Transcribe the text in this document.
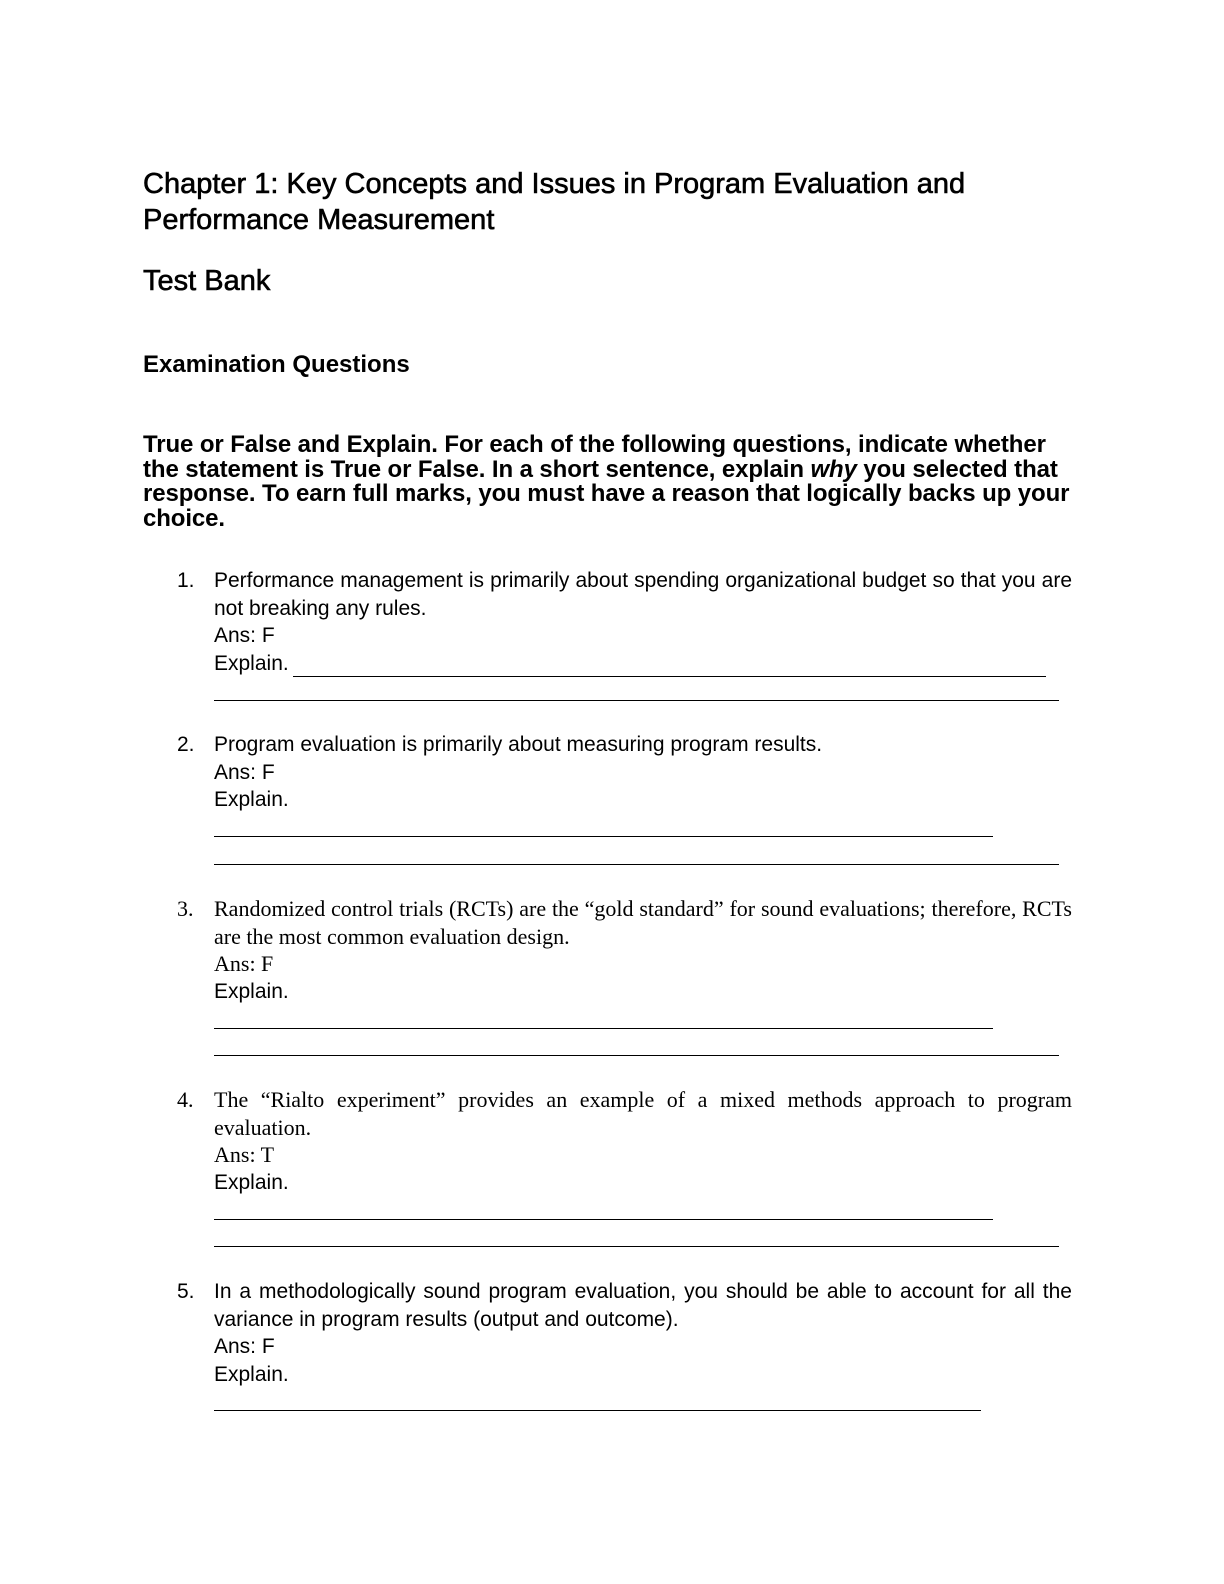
Chapter 1: Key Concepts and Issues in Program Evaluation and Performance Measurement
Test Bank
Examination Questions

True or False and Explain. For each of the following questions, indicate whether the statement is True or False. In a short sentence, explain why you selected that response. To earn full marks, you must have a reason that logically backs up your choice.

1. Performance management is primarily about spending organizational budget so that you are not breaking any rules.
Ans: F
Explain.
2. Program evaluation is primarily about measuring program results.
Ans: F
Explain.
3. Randomized control trials (RCTs) are the “gold standard” for sound evaluations; therefore, RCTs are the most common evaluation design.
Ans: F
Explain.
4. The “Rialto experiment” provides an example of a mixed methods approach to program evaluation.
Ans: T
Explain.
5. In a methodologically sound program evaluation, you should be able to account for all the variance in program results (output and outcome).
Ans: F
Explain.
